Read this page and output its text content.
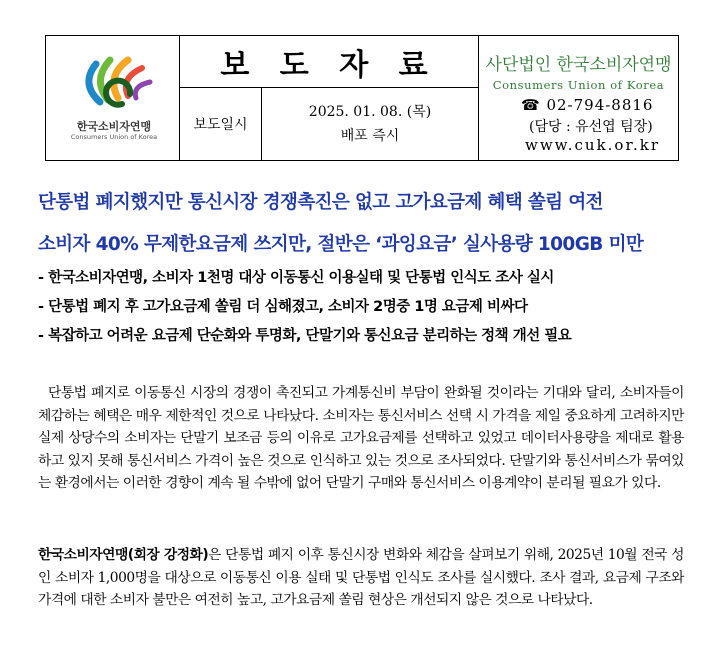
한국소비자연맹
Consumers Union of Korea
보 도 자 료
보도일시
2025. 01. 08. (목)
배포 즉시
사단법인 한국소비자연맹
Consumers Union of Korea
☎ 02-794-8816
(담당 : 유선엽 팀장)
www.cuk.or.kr
단통법 폐지했지만 통신시장 경쟁촉진은 없고 고가요금제 혜택 쏠림 여전
소비자 40% 무제한요금제 쓰지만, 절반은 ‘과잉요금’ 실사용량 100GB 미만
- 한국소비자연맹, 소비자 1천명 대상 이동통신 이용실태 및 단통법 인식도 조사 실시
- 단통법 폐지 후 고가요금제 쏠림 더 심해졌고, 소비자 2명중 1명 요금제 비싸다
- 복잡하고 어려운 요금제 단순화와 투명화, 단말기와 통신요금 분리하는 정책 개선 필요
단통법 폐지로 이동통신 시장의 경쟁이 촉진되고 가계통신비 부담이 완화될 것이라는 기대와 달리, 소비자들이 체감하는 혜택은 매우 제한적인 것으로 나타났다. 소비자는 통신서비스 선택 시 가격을 제일 중요하게 고려하지만 실제 상당수의 소비자는 단말기 보조금 등의 이유로 고가요금제를 선택하고 있었고 데이터사용량을 제대로 활용하고 있지 못해 통신서비스 가격이 높은 것으로 인식하고 있는 것으로 조사되었다. 단말기와 통신서비스가 묶여있는 환경에서는 이러한 경향이 계속 될 수밖에 없어 단말기 구매와 통신서비스 이용계약이 분리될 필요가 있다.
한국소비자연맹(회장 강정화)은 단통법 폐지 이후 통신시장 변화와 체감을 살펴보기 위해, 2025년 10월 전국 성인 소비자 1,000명을 대상으로 이동통신 이용 실태 및 단통법 인식도 조사를 실시했다. 조사 결과, 요금제 구조와 가격에 대한 소비자 불만은 여전히 높고, 고가요금제 쏠림 현상은 개선되지 않은 것으로 나타났다.
